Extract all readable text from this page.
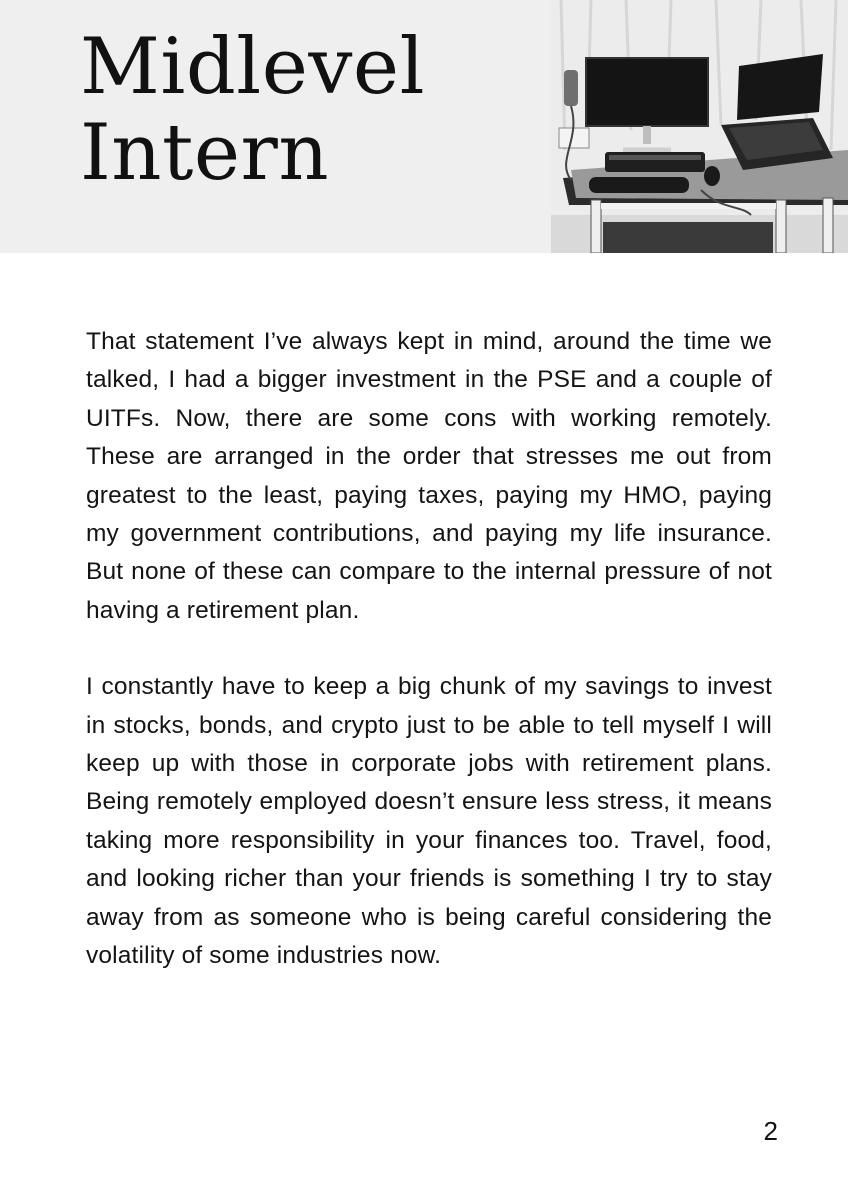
Midlevel
Intern

That statement I’ve always kept in mind, around the time we talked, I had a bigger investment in the PSE and a couple of UITFs. Now, there are some cons with working remotely. These are arranged in the order that stresses me out from greatest to the least, paying taxes, paying my HMO, paying my government contributions, and paying my life insurance. But none of these can compare to the internal pressure of not having a retirement plan.

I constantly have to keep a big chunk of my savings to invest in stocks, bonds, and crypto just to be able to tell myself I will keep up with those in corporate jobs with retirement plans. Being remotely employed doesn’t ensure less stress, it means taking more responsibility in your finances too. Travel, food, and looking richer than your friends is something I try to stay away from as someone who is being careful considering the volatility of some industries now.

2
